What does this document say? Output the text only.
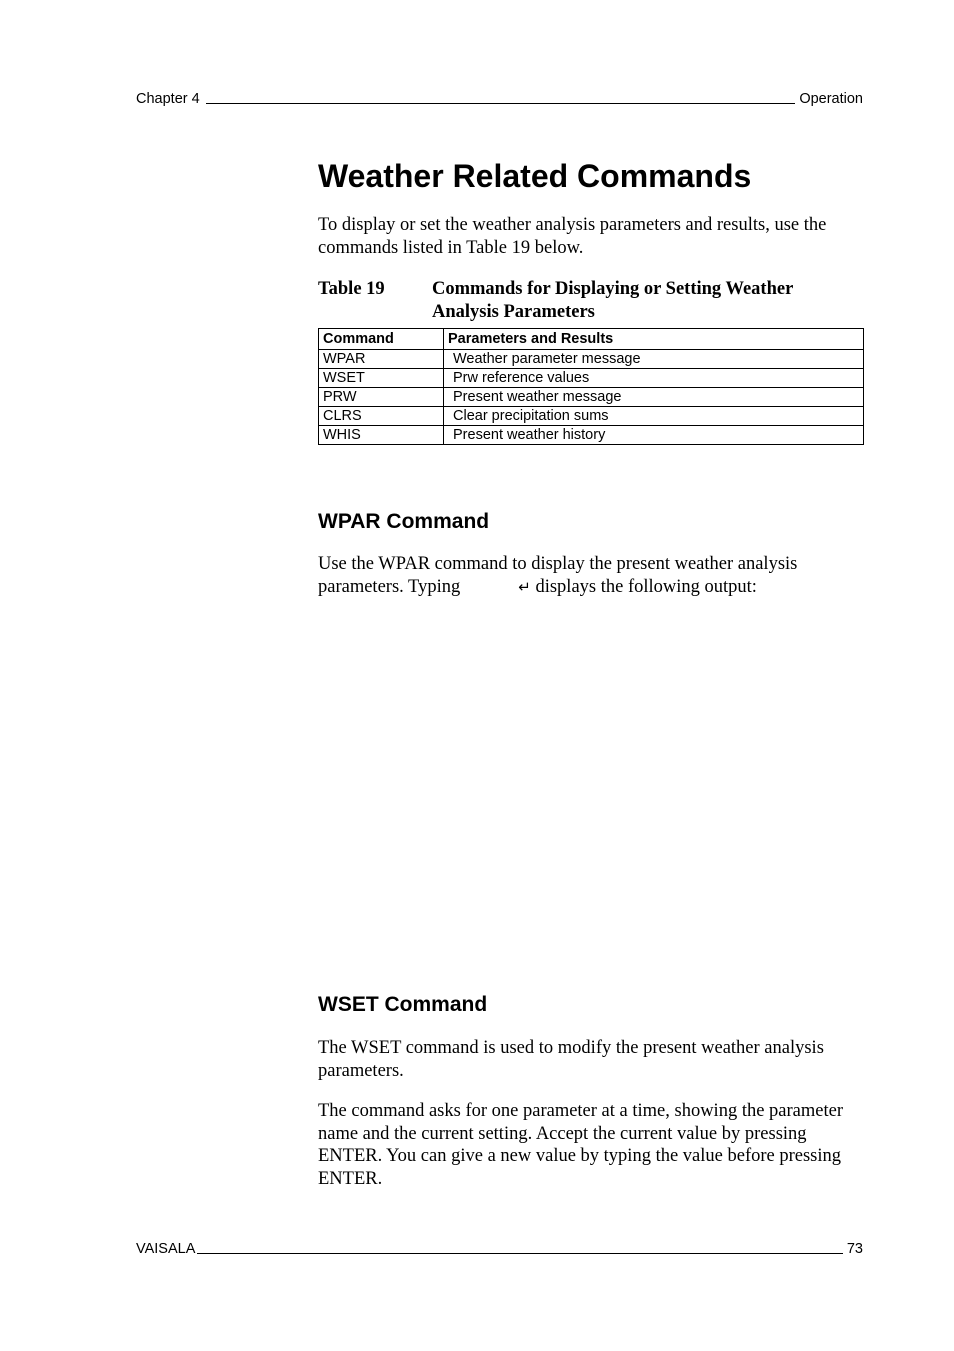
Chapter 4	Operation
Weather Related Commands

To display or set the weather analysis parameters and results, use the commands listed in Table 19 below.

Table 19	Commands for Displaying or Setting Weather Analysis Parameters
Command	Parameters and Results
WPAR	Weather parameter message
WSET	Prw reference values
PRW	Present weather message
CLRS	Clear precipitation sums
WHIS	Present weather history
WPAR Command

Use the WPAR command to display the present weather analysis parameters. Typing	↵ displays the following output:

WSET Command

The WSET command is used to modify the present weather analysis parameters.

The command asks for one parameter at a time, showing the parameter name and the current setting. Accept the current value by pressing ENTER. You can give a new value by typing the value before pressing ENTER.

VAISALA	73
